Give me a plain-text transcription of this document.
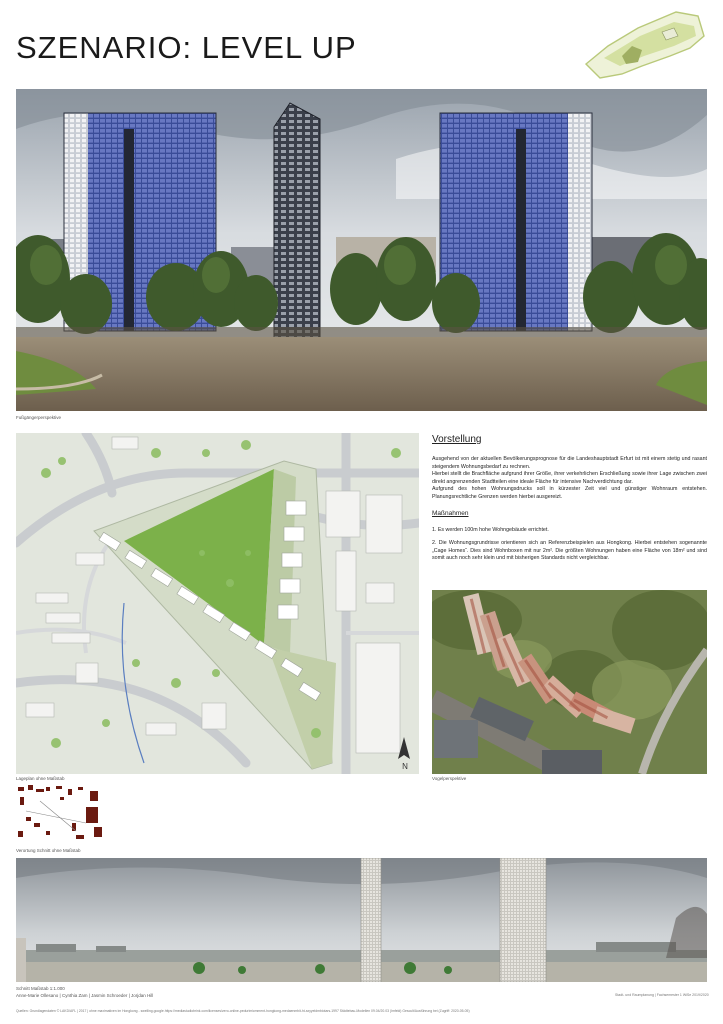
SZENARIO: LEVEL UP
Fußgängerperspektive
N
Lageplan ohne Maßstab
Verortung Schnitt ohne Maßstab
Vorstellung

Ausgehend von der aktuellen Bevölkerungsprognose für die Landeshauptstadt Erfurt ist mit einem stetig und rasant steigendem Wohnungsbedarf zu rechnen.

Hierbei stellt die Brachfläche aufgrund ihrer Größe, ihrer verkehrlichen Erschließung sowie ihrer Lage zwischen zwei direkt angrenzenden Stadtteilen eine ideale Fläche für intensive Nachverdichtung dar.

Aufgrund des hohen Wohnungsdrucks soll in kürzester Zeit viel und günstiger Wohnraum entstehen. Planungsrechtliche Grenzen werden hierbei ausgereizt.

Maßnahmen

1. Es werden 100m hohe Wohngebäude errichtet.

2. Die Wohnungsgrundrisse orientieren sich an Referenzbeispielen aus Hongkong. Hierbei entstehen sogenannte „Cage Homes“. Dies sind Wohnboxen mit nur 2m². Die größten Wohnungen haben eine Fläche von 18m² und sind somit auch noch sehr klein und mit bisherigen Standards nicht vergleichbar.

Vogelperspektive
Schnitt Maßstab 1:1.000
Anne-Marie Ollesano | Cynthia Zam | Jasmin Schroeder | Jorjdan Hill
Quellen: Grundlagendaten © LAKD/AFL | 2017 | ohne maximativen im Hongkong - swelling.google.https://mediastudiobrink.com/licenses/zero-online-pedurimicmment-hongkong-medaenmbit-ht-sxyyeldmbiotars-1997 Städtebau-Modellen 09.04/20.03 (Imfeld) Gescult/Ausführung bei (Zugriff: 2020-05-05)
Stadt- und Raumplanung | Fachsemester 1 WiSe 2019/2020
